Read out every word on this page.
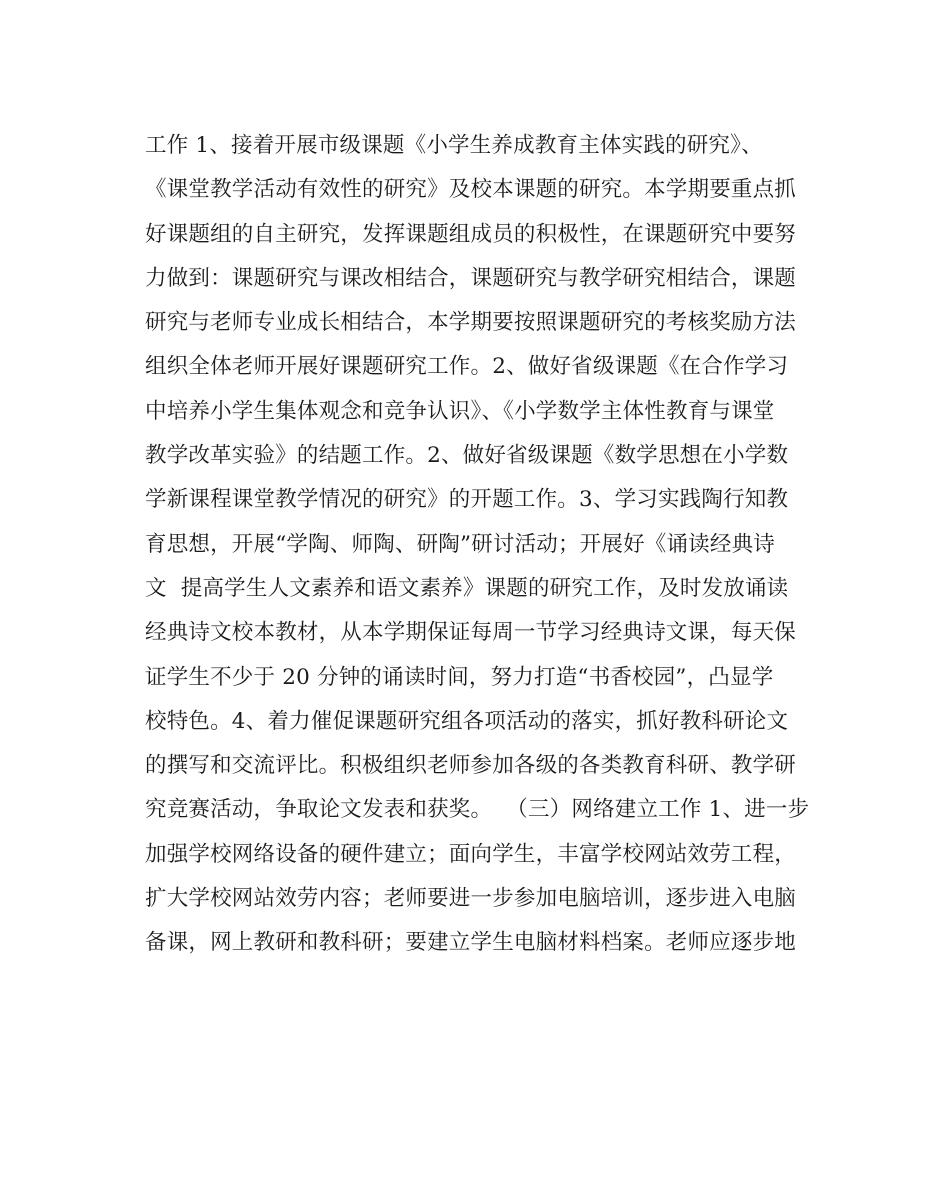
工作 1、接着开展市级课题《小学生养成教育主体实践的研究》、
《课堂教学活动有效性的研究》及校本课题的研究。本学期要重点抓
好课题组的自主研究，发挥课题组成员的积极性，在课题研究中要努
力做到：课题研究与课改相结合，课题研究与教学研究相结合，课题
研究与老师专业成长相结合，本学期要按照课题研究的考核奖励方法
组织全体老师开展好课题研究工作。2、做好省级课题《在合作学习
中培养小学生集体观念和竞争认识》、《小学数学主体性教育与课堂
教学改革实验》的结题工作。2、做好省级课题《数学思想在小学数
学新课程课堂教学情况的研究》的开题工作。3、学习实践陶行知教
育思想，开展“学陶、师陶、研陶”研讨活动；开展好《诵读经典诗
文  提高学生人文素养和语文素养》课题的研究工作，及时发放诵读
经典诗文校本教材，从本学期保证每周一节学习经典诗文课，每天保
证学生不少于 20 分钟的诵读时间，努力打造“书香校园”，凸显学
校特色。4、着力催促课题研究组各项活动的落实，抓好教科研论文
的撰写和交流评比。积极组织老师参加各级的各类教育科研、教学研
究竞赛活动，争取论文发表和获奖。  （三）网络建立工作 1、进一步
加强学校网络设备的硬件建立；面向学生，丰富学校网站效劳工程，
扩大学校网站效劳内容；老师要进一步参加电脑培训，逐步进入电脑
备课，网上教研和教科研；要建立学生电脑材料档案。老师应逐步地
